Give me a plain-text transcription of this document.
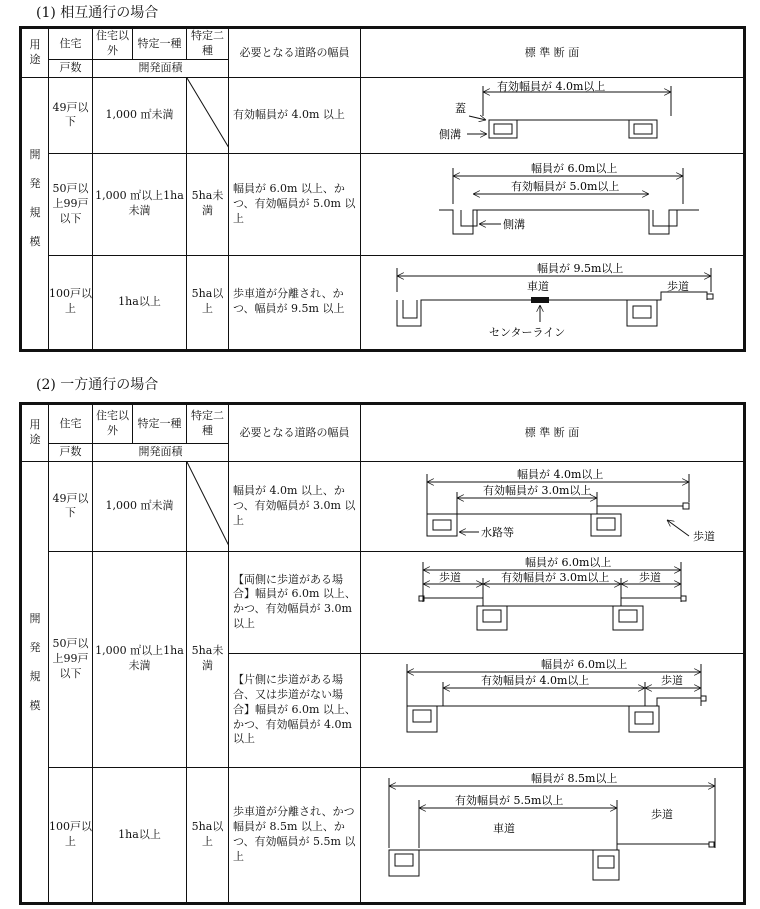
(1) 相互通行の場合
用
途	住宅	住宅以外	特定一種	特定二種	必要となる道路の幅員	標 準 断 面
	戸数	開発面積				

開
発
規
模	49戸以下	1,000 ㎡未満			有効幅員が 4.0m 以上	有効幅員が 4.0m以上
蓋
側溝

	50戸以上99戸以下	1,000 ㎡以上1ha未満		5ha未満	幅員が 6.0m 以上、かつ、有効幅員が 5.0m 以上	幅員が 6.0m以上
有効幅員が 5.0m以上
側溝

	100戸以上	1ha以上		5ha以上	歩車道が分離され、かつ、幅員が 9.5m 以上	幅員が 9.5m以上
車道 歩道
センターライン
(2) 一方通行の場合
用
途	住宅	住宅以外	特定一種	特定二種	必要となる道路の幅員	標 準 断 面
	戸数	開発面積				

開
発
規
模	49戸以下	1,000 ㎡未満			幅員が 4.0m 以上、かつ、有効幅員が 3.0m 以上	幅員が 4.0m以上
有効幅員が 3.0m以上
水路等 歩道

	50戸以上99戸以下	1,000 ㎡以上1ha未満		5ha未満	【両側に歩道がある場合】幅員が 6.0m 以上、かつ、有効幅員が 3.0m 以上	幅員が 6.0m以上
歩道 有効幅員が 3.0m以上 歩道

					【片側に歩道がある場合、又は歩道がない場合】幅員が 6.0m 以上、かつ、有効幅員が 4.0m 以上	幅員が 6.0m以上
有効幅員が 4.0m以上 歩道

	100戸以上	1ha以上		5ha以上	歩車道が分離され、かつ幅員が 8.5m 以上、かつ、有効幅員が 5.5m 以上	幅員が 8.5m以上
有効幅員が 5.5m以上
歩道
車道
